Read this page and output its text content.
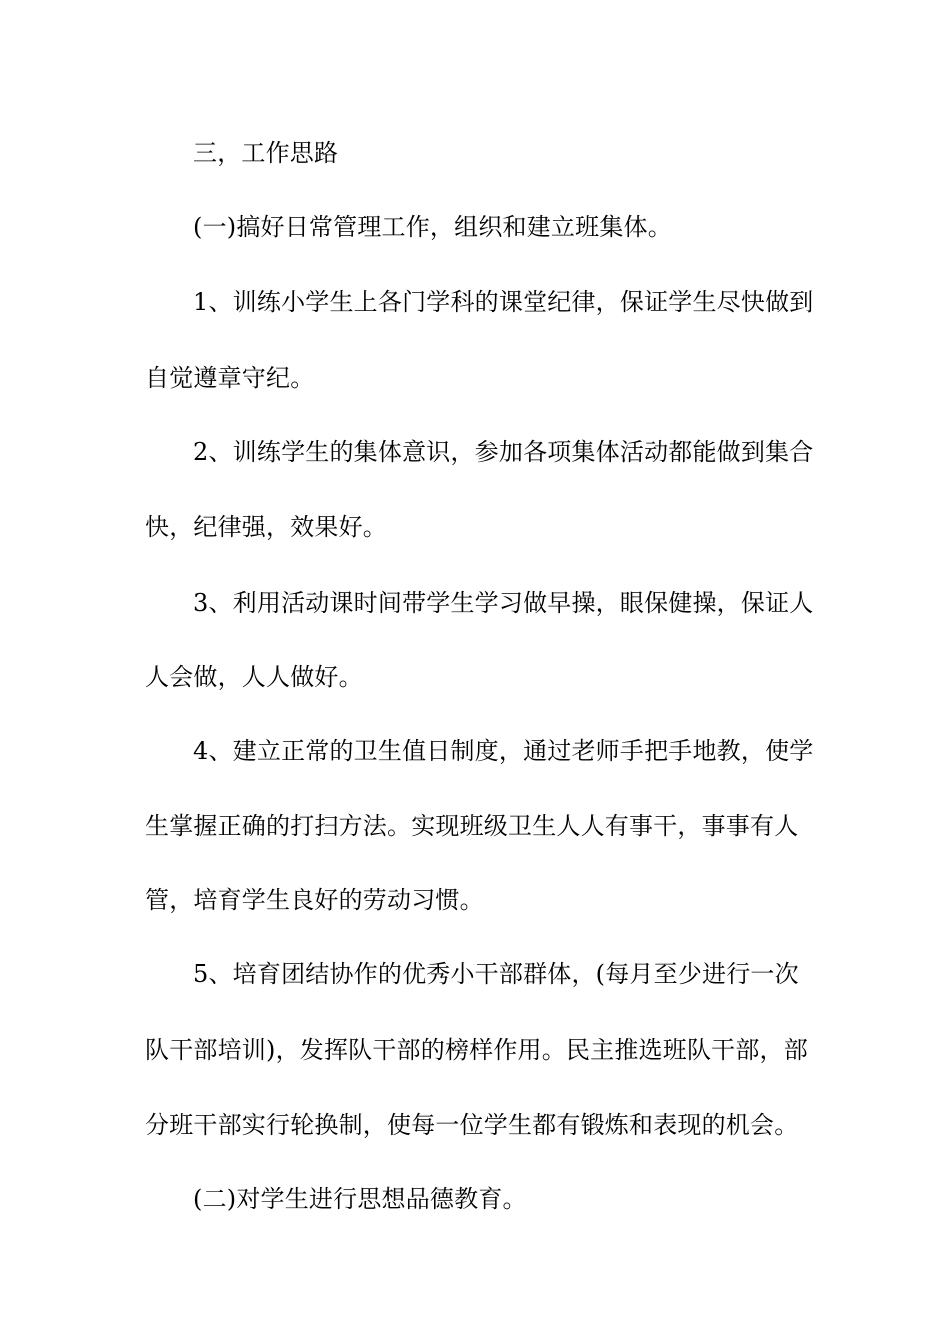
三，工作思路

(一)搞好日常管理工作，组织和建立班集体。

1、训练小学生上各门学科的课堂纪律，保证学生尽快做到

自觉遵章守纪。

2、训练学生的集体意识，参加各项集体活动都能做到集合

快，纪律强，效果好。

3、利用活动课时间带学生学习做早操，眼保健操，保证人

人会做，人人做好。

4、建立正常的卫生值日制度，通过老师手把手地教，使学

生掌握正确的打扫方法。实现班级卫生人人有事干，事事有人

管，培育学生良好的劳动习惯。

5、培育团结协作的优秀小干部群体，(每月至少进行一次

队干部培训)，发挥队干部的榜样作用。民主推选班队干部，部

分班干部实行轮换制，使每一位学生都有锻炼和表现的机会。

(二)对学生进行思想品德教育。
